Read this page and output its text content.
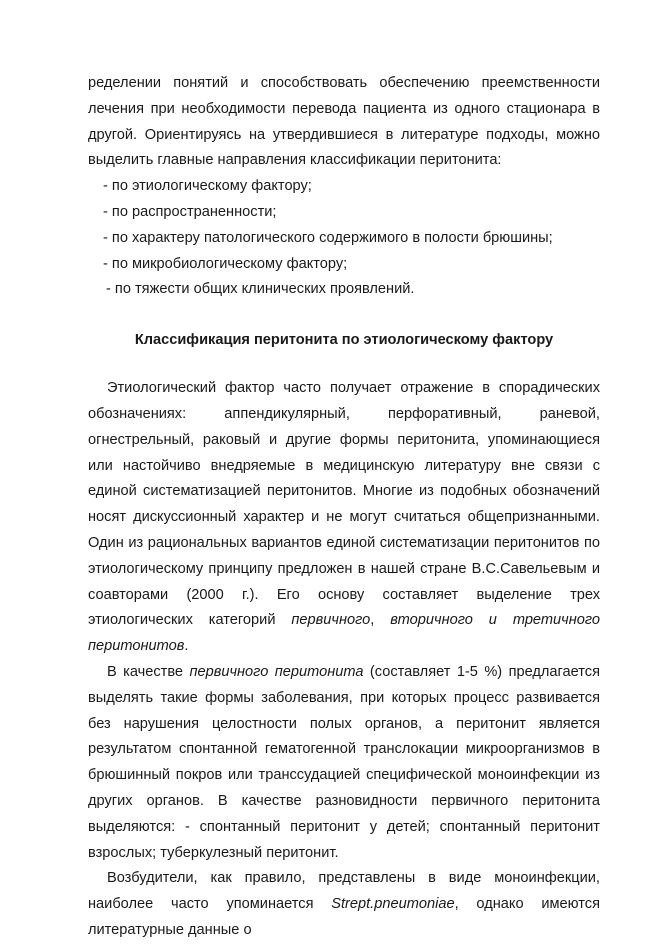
ределении понятий и способствовать обеспечению преемственности лечения при необходимости перевода пациента из одного стационара в другой. Ориентируясь на утвердившиеся в литературе подходы, можно выделить главные направления классификации перитонита:

- по этиологическому фактору;
- по распространенности;
- по характеру патологического содержимого в полости брюшины;
- по микробиологическому фактору;
- по тяжести общих клинических проявлений.
Классификация перитонита по этиологическому фактору

Этиологический фактор часто получает отражение в спорадических обозначениях: аппендикулярный, перфоративный, раневой, огнестрельный, раковый и другие формы перитонита, упоминающиеся или настойчиво внедряемые в медицинскую литературу вне связи с единой систематизацией перитонитов. Многие из подобных обозначений носят дискуссионный характер и не могут считаться общепризнанными. Один из рациональных вариантов единой систематизации перитонитов по этиологическому принципу предложен в нашей стране В.С.Савельевым и соавторами (2000 г.). Его основу составляет выделение трех этиологических категорий первичного, вторичного и третичного перитонитов.

В качестве первичного перитонита (составляет 1-5 %) предлагается выделять такие формы заболевания, при которых процесс развивается без нарушения целостности полых органов, а перитонит является результатом спонтанной гематогенной транслокации микроорганизмов в брюшинный покров или транссудацией специфической моноинфекции из других органов. В качестве разновидности первичного перитонита выделяются: - спонтанный перитонит у детей; спонтанный перитонит взрослых; туберкулезный перитонит.

Возбудители, как правило, представлены в виде моноинфекции, наиболее часто упоминается Strept.pneumoniae, однако имеются литературные данные о
